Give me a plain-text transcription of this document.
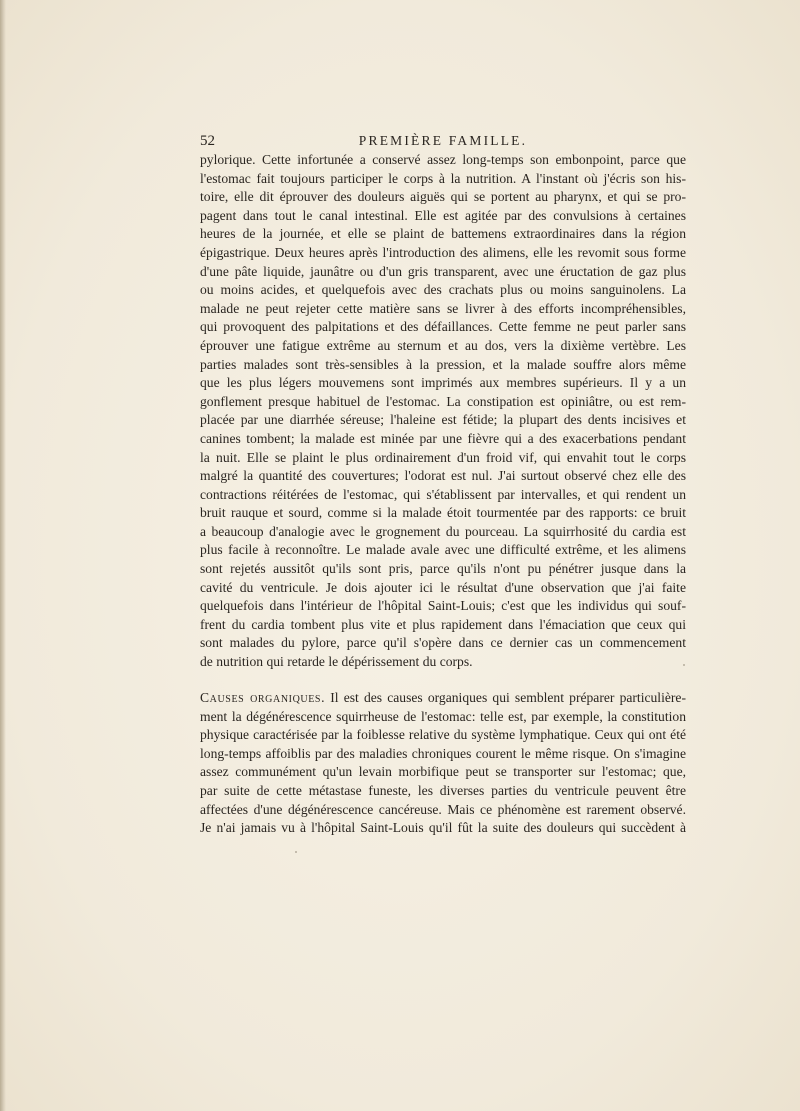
52	PREMIÈRE FAMILLE.
pylorique. Cette infortunée a conservé assez long-temps son embonpoint, parce que
l'estomac fait toujours participer le corps à la nutrition. A l'instant où j'écris son his-
toire, elle dit éprouver des douleurs aiguës qui se portent au pharynx, et qui se pro-
pagent dans tout le canal intestinal. Elle est agitée par des convulsions à certaines
heures de la journée, et elle se plaint de battemens extraordinaires dans la région
épigastrique. Deux heures après l'introduction des alimens, elle les revomit sous forme
d'une pâte liquide, jaunâtre ou d'un gris transparent, avec une éructation de gaz plus
ou moins acides, et quelquefois avec des crachats plus ou moins sanguinolens. La
malade ne peut rejeter cette matière sans se livrer à des efforts incompréhensibles,
qui provoquent des palpitations et des défaillances. Cette femme ne peut parler sans
éprouver une fatigue extrême au sternum et au dos, vers la dixième vertèbre. Les
parties malades sont très-sensibles à la pression, et la malade souffre alors même
que les plus légers mouvemens sont imprimés aux membres supérieurs. Il y a un
gonflement presque habituel de l'estomac. La constipation est opiniâtre, ou est rem-
placée par une diarrhée séreuse; l'haleine est fétide; la plupart des dents incisives et
canines tombent; la malade est minée par une fièvre qui a des exacerbations pendant
la nuit. Elle se plaint le plus ordinairement d'un froid vif, qui envahit tout le corps
malgré la quantité des couvertures; l'odorat est nul. J'ai surtout observé chez elle des
contractions réitérées de l'estomac, qui s'établissent par intervalles, et qui rendent un
bruit rauque et sourd, comme si la malade étoit tourmentée par des rapports: ce bruit
a beaucoup d'analogie avec le grognement du pourceau. La squirrhosité du cardia est
plus facile à reconnoître. Le malade avale avec une difficulté extrême, et les alimens
sont rejetés aussitôt qu'ils sont pris, parce qu'ils n'ont pu pénétrer jusque dans la
cavité du ventricule. Je dois ajouter ici le résultat d'une observation que j'ai faite
quelquefois dans l'intérieur de l'hôpital Saint-Louis; c'est que les individus qui souf-
frent du cardia tombent plus vite et plus rapidement dans l'émaciation que ceux qui
sont malades du pylore, parce qu'il s'opère dans ce dernier cas un commencement
de nutrition qui retarde le dépérissement du corps.
Causes organiques. Il est des causes organiques qui semblent préparer particulière-
ment la dégénérescence squirrheuse de l'estomac: telle est, par exemple, la constitution
physique caractérisée par la foiblesse relative du système lymphatique. Ceux qui ont été
long-temps affoiblis par des maladies chroniques courent le même risque. On s'imagine
assez communément qu'un levain morbifique peut se transporter sur l'estomac; que,
par suite de cette métastase funeste, les diverses parties du ventricule peuvent être
affectées d'une dégénérescence cancéreuse. Mais ce phénomène est rarement observé.
Je n'ai jamais vu à l'hôpital Saint-Louis qu'il fût la suite des douleurs qui succèdent à
